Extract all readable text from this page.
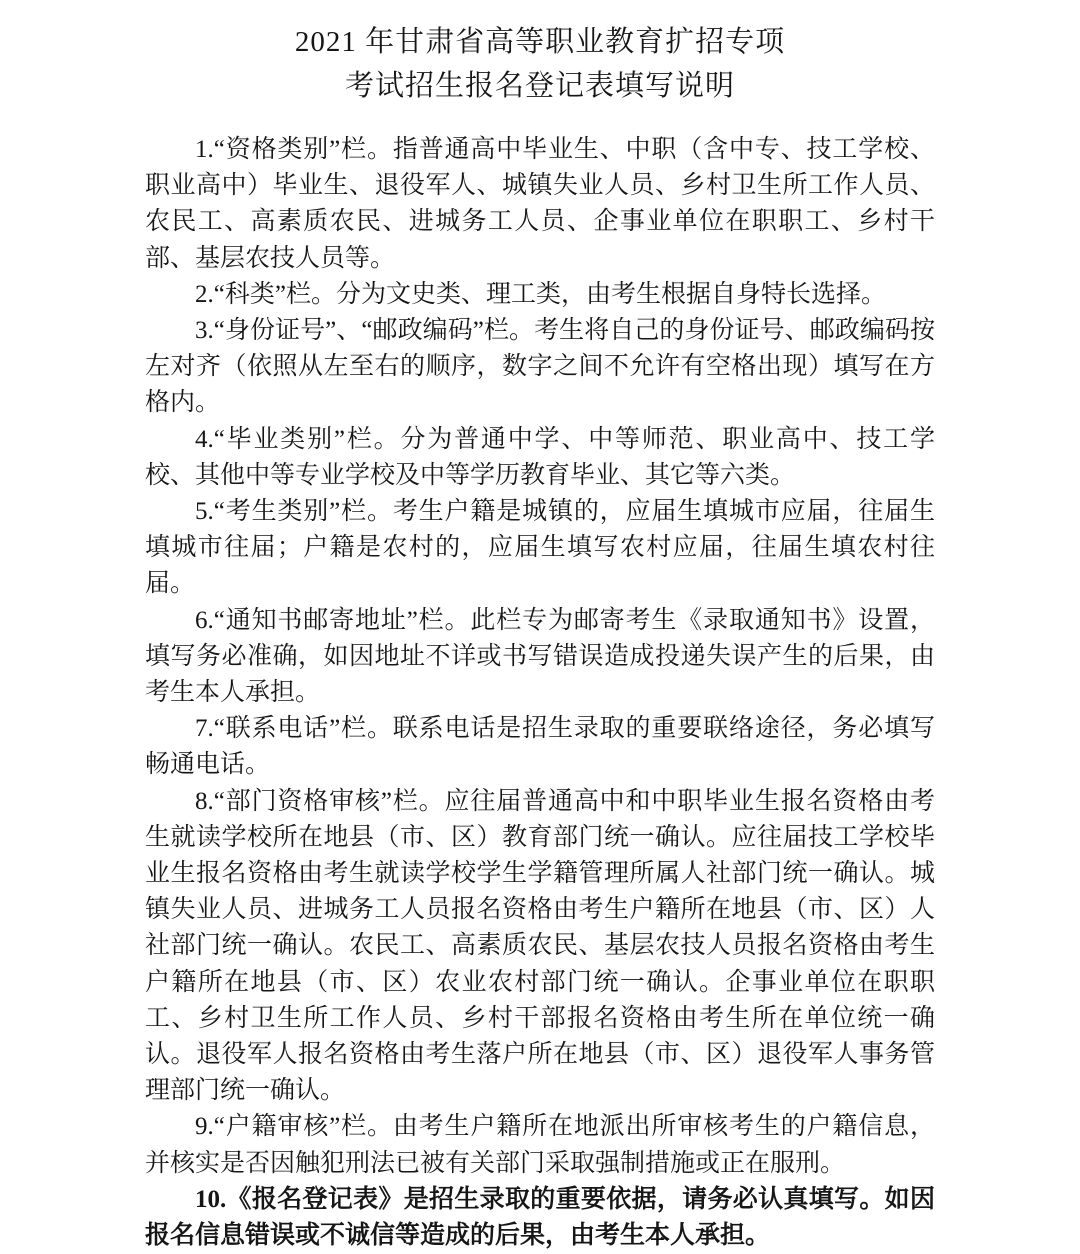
2021 年甘肃省高等职业教育扩招专项
考试招生报名登记表填写说明

1.“资格类别”栏。指普通高中毕业生、中职（含中专、技工学校、职业高中）毕业生、退役军人、城镇失业人员、乡村卫生所工作人员、农民工、高素质农民、进城务工人员、企事业单位在职职工、乡村干部、基层农技人员等。

2.“科类”栏。分为文史类、理工类，由考生根据自身特长选择。

3.“身份证号”、“邮政编码”栏。考生将自己的身份证号、邮政编码按左对齐（依照从左至右的顺序，数字之间不允许有空格出现）填写在方格内。

4.“毕业类别”栏。分为普通中学、中等师范、职业高中、技工学校、其他中等专业学校及中等学历教育毕业、其它等六类。

5.“考生类别”栏。考生户籍是城镇的，应届生填城市应届，往届生填城市往届；户籍是农村的，应届生填写农村应届，往届生填农村往届。

6.“通知书邮寄地址”栏。此栏专为邮寄考生《录取通知书》设置，填写务必准确，如因地址不详或书写错误造成投递失误产生的后果，由考生本人承担。

7.“联系电话”栏。联系电话是招生录取的重要联络途径，务必填写畅通电话。

8.“部门资格审核”栏。应往届普通高中和中职毕业生报名资格由考生就读学校所在地县（市、区）教育部门统一确认。应往届技工学校毕业生报名资格由考生就读学校学生学籍管理所属人社部门统一确认。城镇失业人员、进城务工人员报名资格由考生户籍所在地县（市、区）人社部门统一确认。农民工、高素质农民、基层农技人员报名资格由考生户籍所在地县（市、区）农业农村部门统一确认。企事业单位在职职工、乡村卫生所工作人员、乡村干部报名资格由考生所在单位统一确认。退役军人报名资格由考生落户所在地县（市、区）退役军人事务管理部门统一确认。

9.“户籍审核”栏。由考生户籍所在地派出所审核考生的户籍信息，并核实是否因触犯刑法已被有关部门采取强制措施或正在服刑。

10.《报名登记表》是招生录取的重要依据，请务必认真填写。如因报名信息错误或不诚信等造成的后果，由考生本人承担。
